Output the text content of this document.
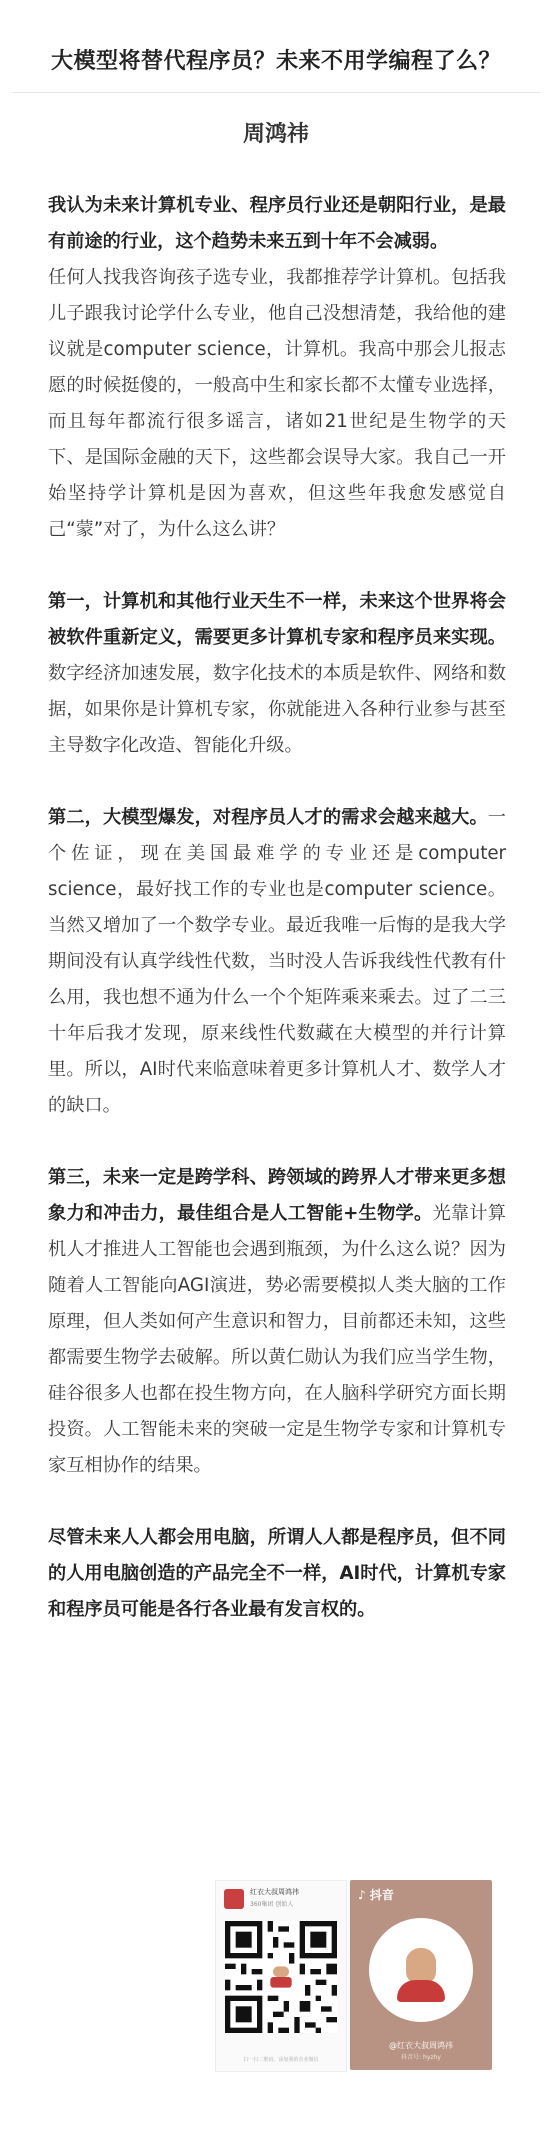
大模型将替代程序员？未来不用学编程了么？
周鸿祎

我认为未来计算机专业、程序员行业还是朝阳行业，是最有前途的行业，这个趋势未来五到十年不会减弱。

任何人找我咨询孩子选专业，我都推荐学计算机。包括我儿子跟我讨论学什么专业，他自己没想清楚，我给他的建议就是computer science，计算机。我高中那会儿报志愿的时候挺傻的，一般高中生和家长都不太懂专业选择，而且每年都流行很多谣言，诸如21世纪是生物学的天下、是国际金融的天下，这些都会误导大家。我自己一开始坚持学计算机是因为喜欢，但这些年我愈发感觉自己“蒙”对了，为什么这么讲？

第一，计算机和其他行业天生不一样，未来这个世界将会被软件重新定义，需要更多计算机专家和程序员来实现。数字经济加速发展，数字化技术的本质是软件、网络和数据，如果你是计算机专家，你就能进入各种行业参与甚至主导数字化改造、智能化升级。

第二，大模型爆发，对程序员人才的需求会越来越大。一个佐证，现在美国最难学的专业还是computer science，最好找工作的专业也是computer science。当然又增加了一个数学专业。最近我唯一后悔的是我大学期间没有认真学线性代数，当时没人告诉我线性代教有什么用，我也想不通为什么一个个矩阵乘来乘去。过了二三十年后我才发现，原来线性代数藏在大模型的并行计算里。所以，AI时代来临意味着更多计算机人才、数学人才的缺口。

第三，未来一定是跨学科、跨领域的跨界人才带来更多想象力和冲击力，最佳组合是人工智能+生物学。光靠计算机人才推进人工智能也会遇到瓶颈，为什么这么说？因为随着人工智能向AGI演进，势必需要模拟人类大脑的工作原理，但人类如何产生意识和智力，目前都还未知，这些都需要生物学去破解。所以黄仁勋认为我们应当学生物，硅谷很多人也都在投生物方向，在人脑科学研究方面长期投资。人工智能未来的突破一定是生物学专家和计算机专家互相协作的结果。

尽管未来人人都会用电脑，所谓人人都是程序员，但不同的人用电脑创造的产品完全不一样，AI时代，计算机专家和程序员可能是各行各业最有发言权的。

红衣大叔周鸿祎
360集团 创始人
扫一扫二维码，添加我的企业微信
♪ 抖音
@红衣大叔周鸿祎
抖音号: hyzhy
